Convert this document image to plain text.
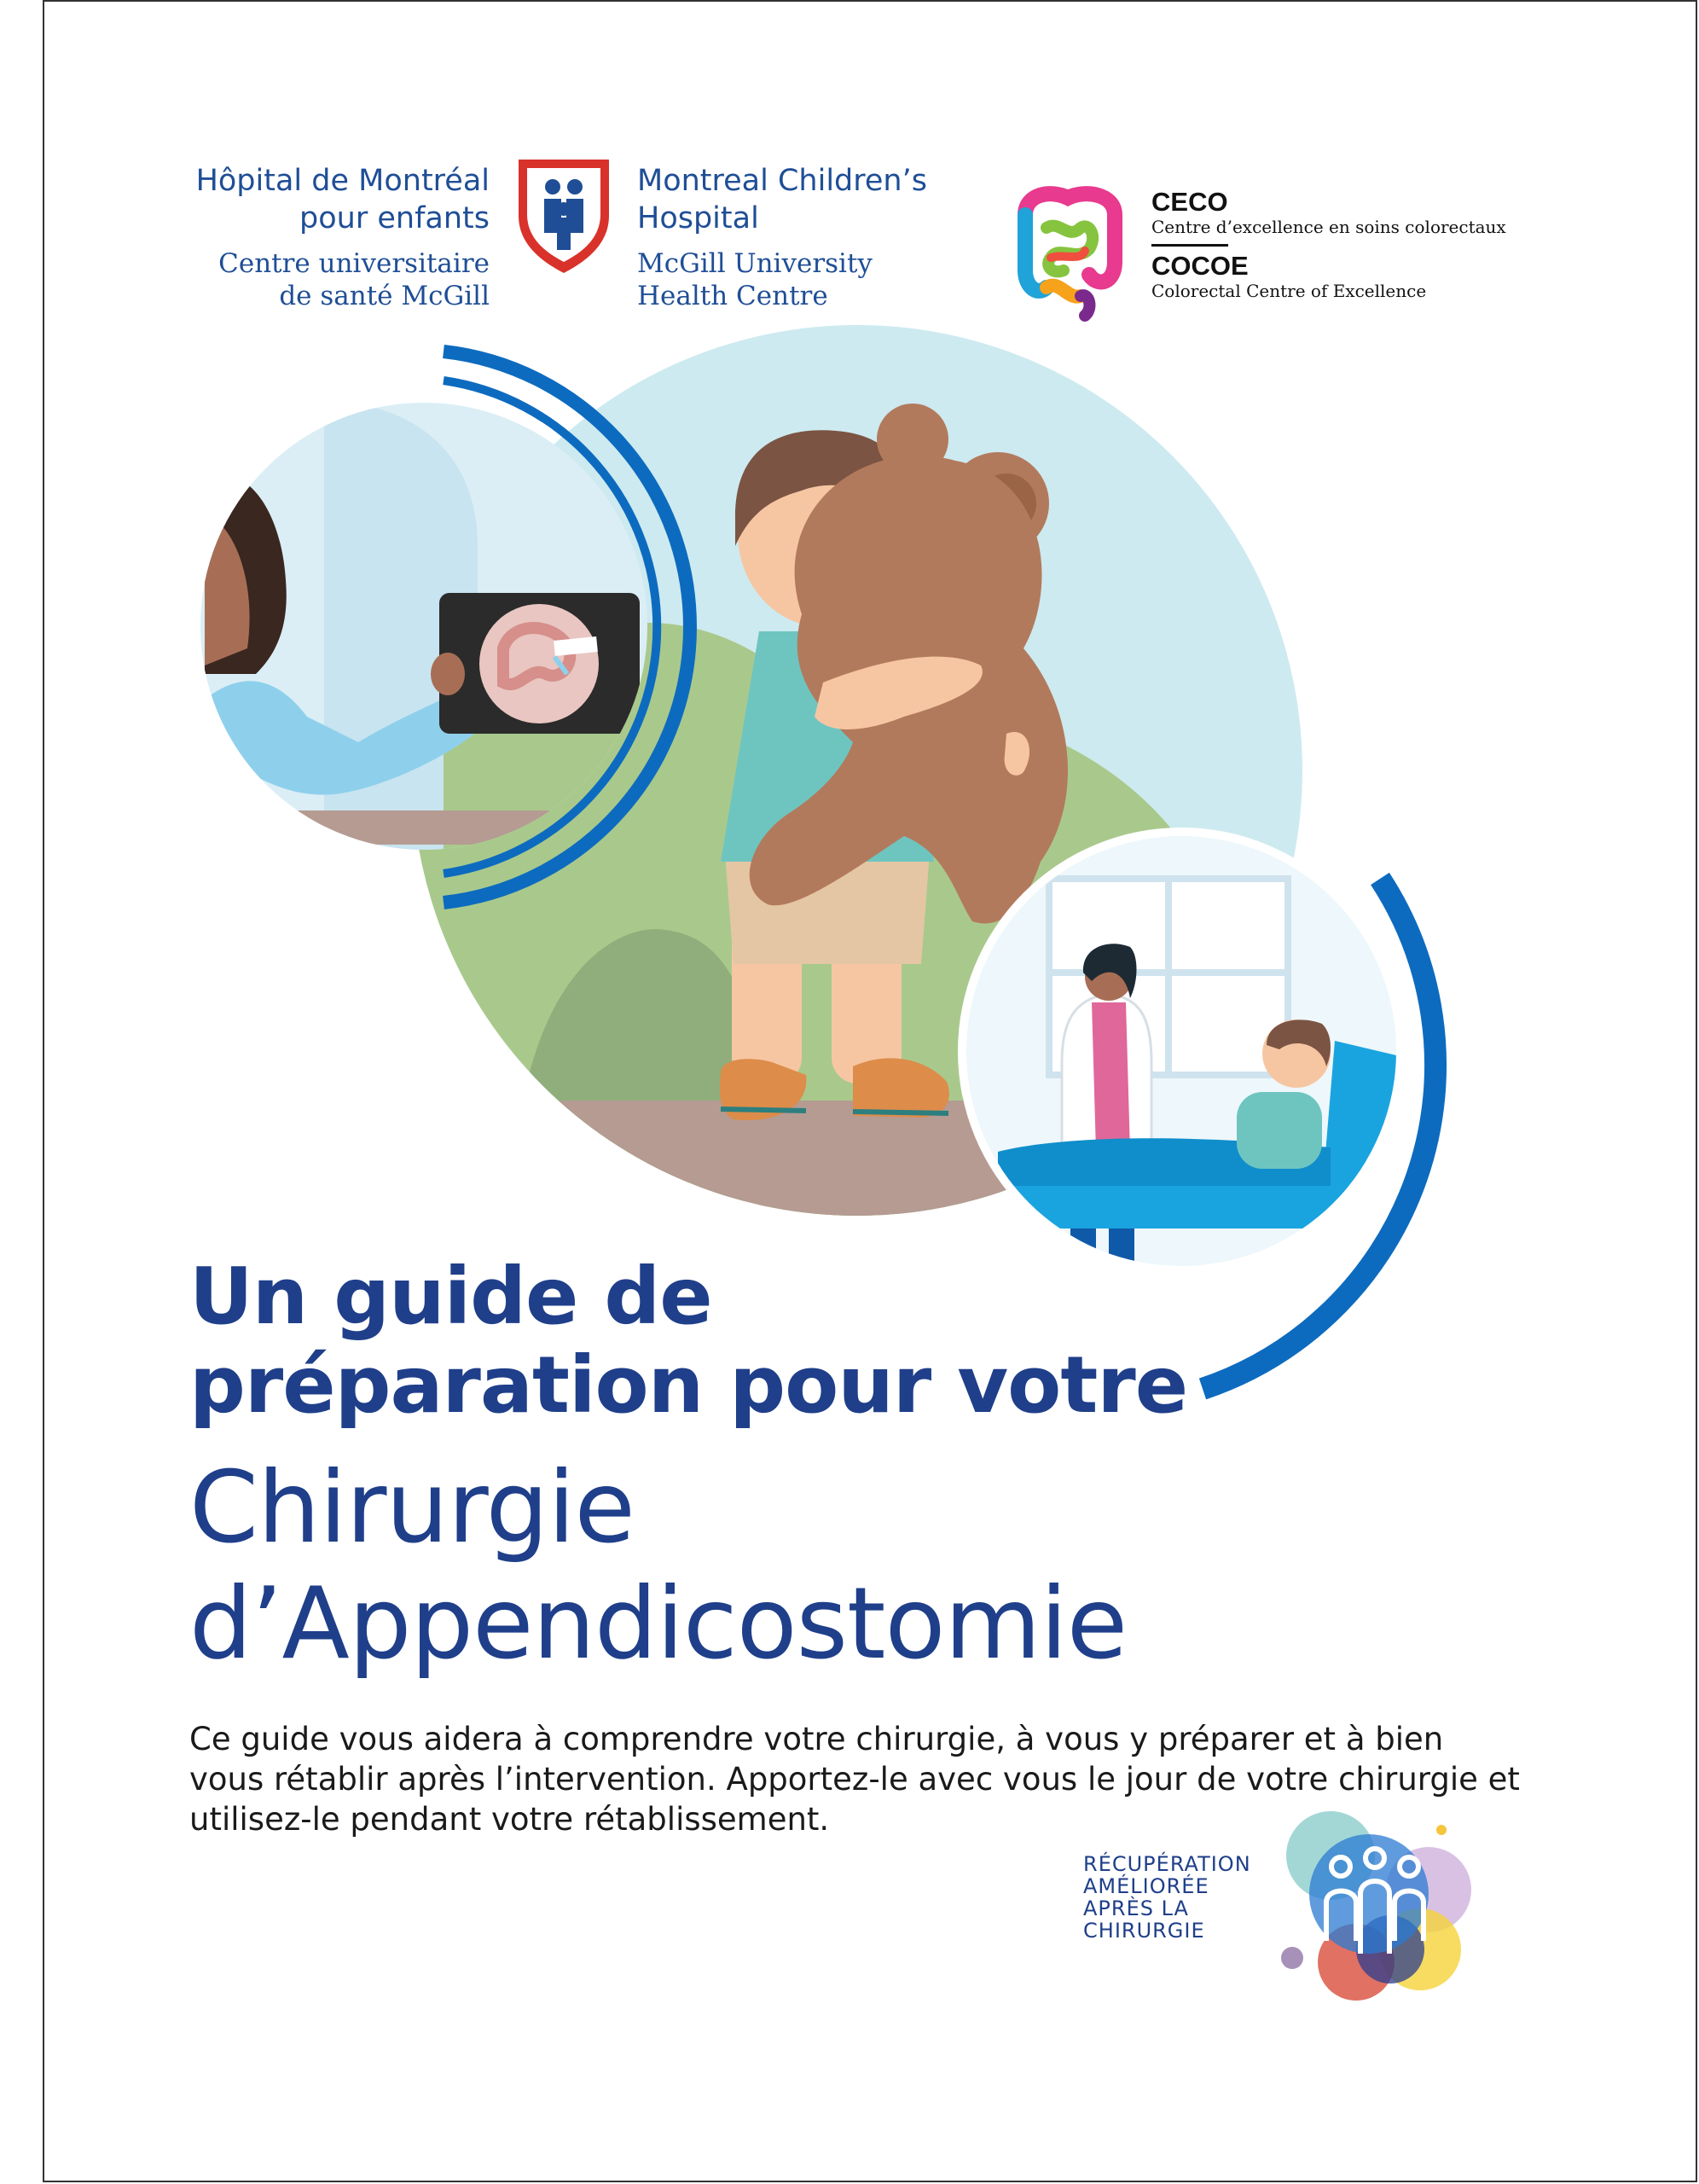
Hôpital de Montréal
pour enfants
Centre universitaire
de santé McGill
Montreal Children’s
Hospital
McGill University
Health Centre
CECO
Centre d’excellence en soins colorectaux
COCOE
Colorectal Centre of Excellence
Un guide de
préparation pour votre
Chirurgie
d’Appendicostomie
Ce guide vous aidera à comprendre votre chirurgie, à vous y préparer et à bien vous rétablir après l’intervention. Apportez-le avec vous le jour de votre chirurgie et utilisez-le pendant votre rétablissement.
RÉCUPÉRATION
AMÉLIORÉE
APRÈS LA
CHIRURGIE
